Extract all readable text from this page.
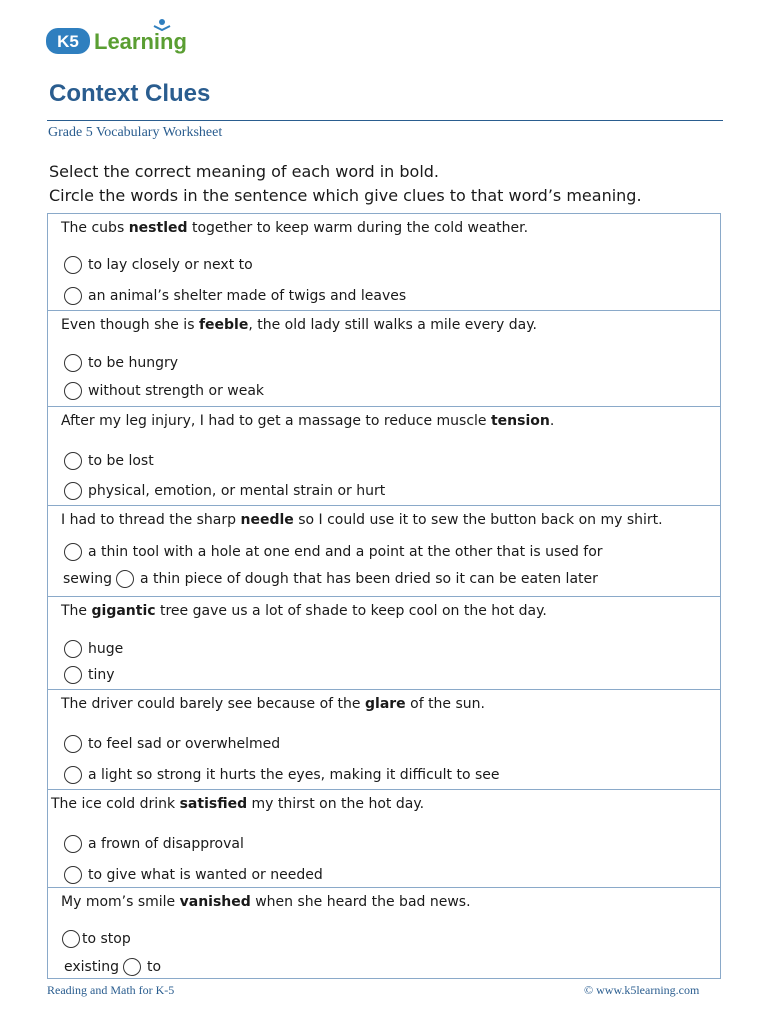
K5 Learning
Context Clues
Grade 5 Vocabulary Worksheet
Select the correct meaning of each word in bold.
Circle the words in the sentence which give clues to that word’s meaning.
The cubs nestled together to keep warm during the cold weather.
to lay closely or next to
an animal’s shelter made of twigs and leaves
Even though she is feeble, the old lady still walks a mile every day.
to be hungry
without strength or weak
After my leg injury, I had to get a massage to reduce muscle tension.
to be lost
physical, emotion, or mental strain or hurt
I had to thread the sharp needle so I could use it to sew the button back on my shirt.
a thin tool with a hole at one end and a point at the other that is used for
sewing a thin piece of dough that has been dried so it can be eaten later
The gigantic tree gave us a lot of shade to keep cool on the hot day.
huge
tiny
The driver could barely see because of the glare of the sun.
to feel sad or overwhelmed
a light so strong it hurts the eyes, making it difficult to see
The ice cold drink satisfied my thirst on the hot day.
a frown of disapproval
to give what is wanted or needed
My mom’s smile vanished when she heard the bad news.
to stop
existing to
Reading and Math for K-5	© www.k5learning.com
